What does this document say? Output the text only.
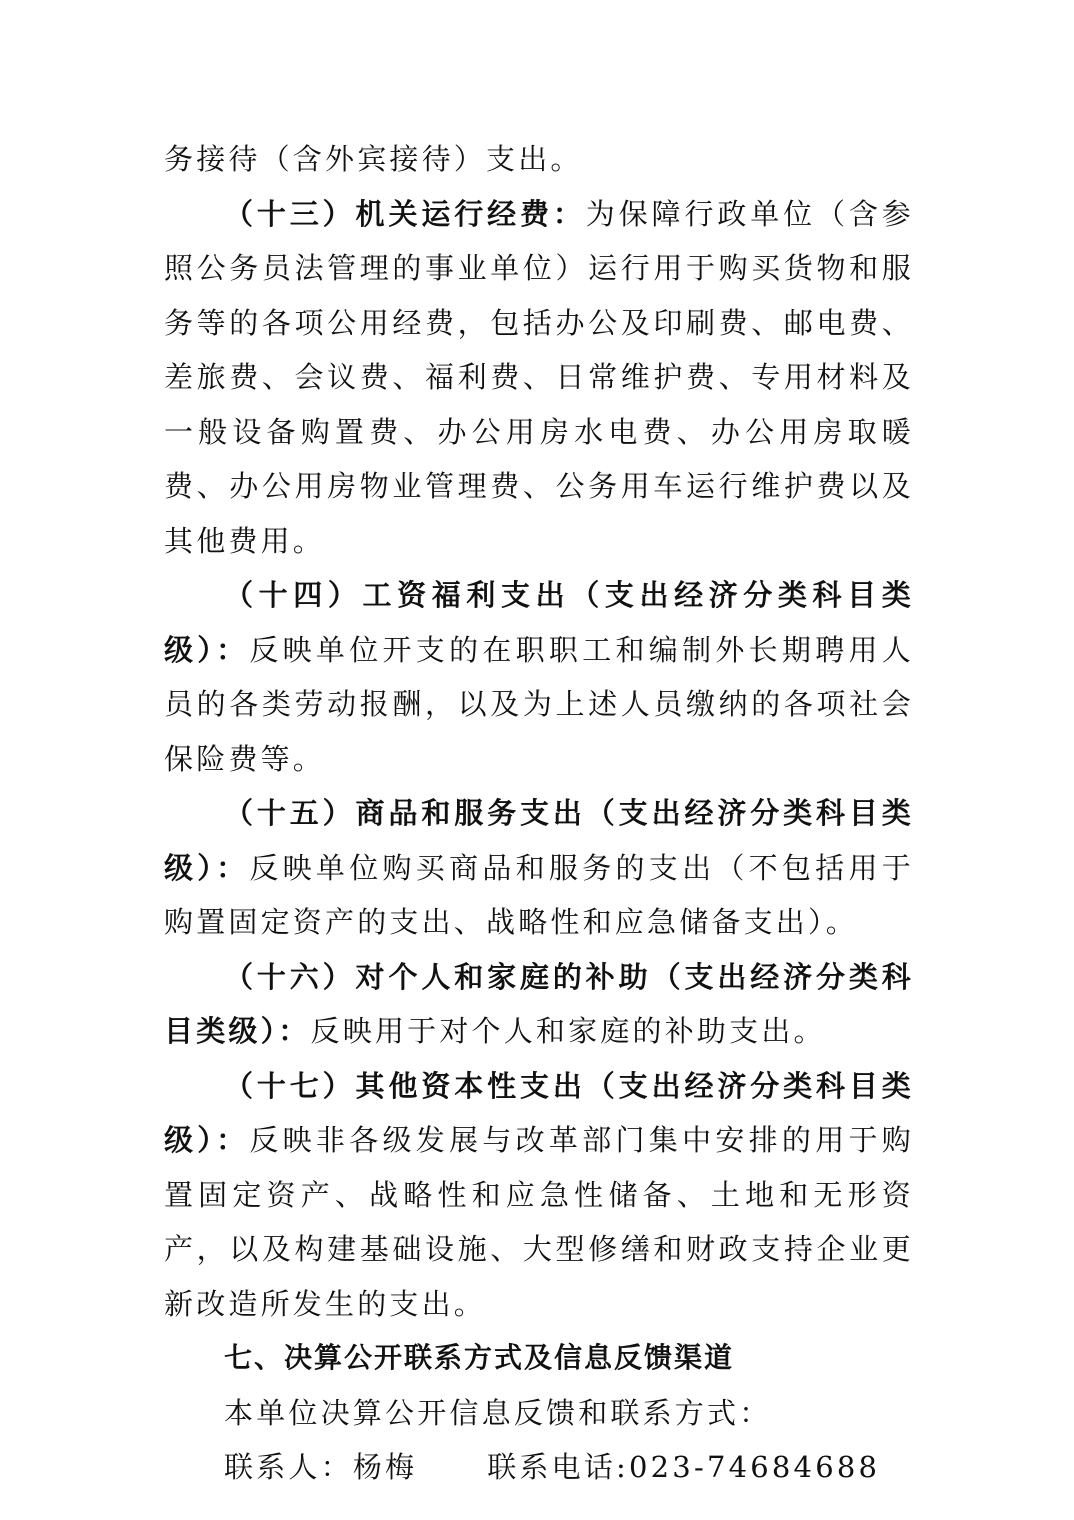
务接待（含外宾接待）支出。

（十三）机关运行经费：为保障行政单位（含参照公务员法管理的事业单位）运行用于购买货物和服务等的各项公用经费，包括办公及印刷费、邮电费、差旅费、会议费、福利费、日常维护费、专用材料及一般设备购置费、办公用房水电费、办公用房取暖费、办公用房物业管理费、公务用车运行维护费以及其他费用。

（十四）工资福利支出（支出经济分类科目类级）：反映单位开支的在职职工和编制外长期聘用人员的各类劳动报酬，以及为上述人员缴纳的各项社会保险费等。

（十五）商品和服务支出（支出经济分类科目类级）：反映单位购买商品和服务的支出（不包括用于购置固定资产的支出、战略性和应急储备支出）。

（十六）对个人和家庭的补助（支出经济分类科目类级）：反映用于对个人和家庭的补助支出。

（十七）其他资本性支出（支出经济分类科目类级）：反映非各级发展与改革部门集中安排的用于购置固定资产、战略性和应急性储备、土地和无形资产，以及构建基础设施、大型修缮和财政支持企业更新改造所发生的支出。

七、决算公开联系方式及信息反馈渠道

本单位决算公开信息反馈和联系方式：

联系人：杨梅 联系电话:023-74684688
